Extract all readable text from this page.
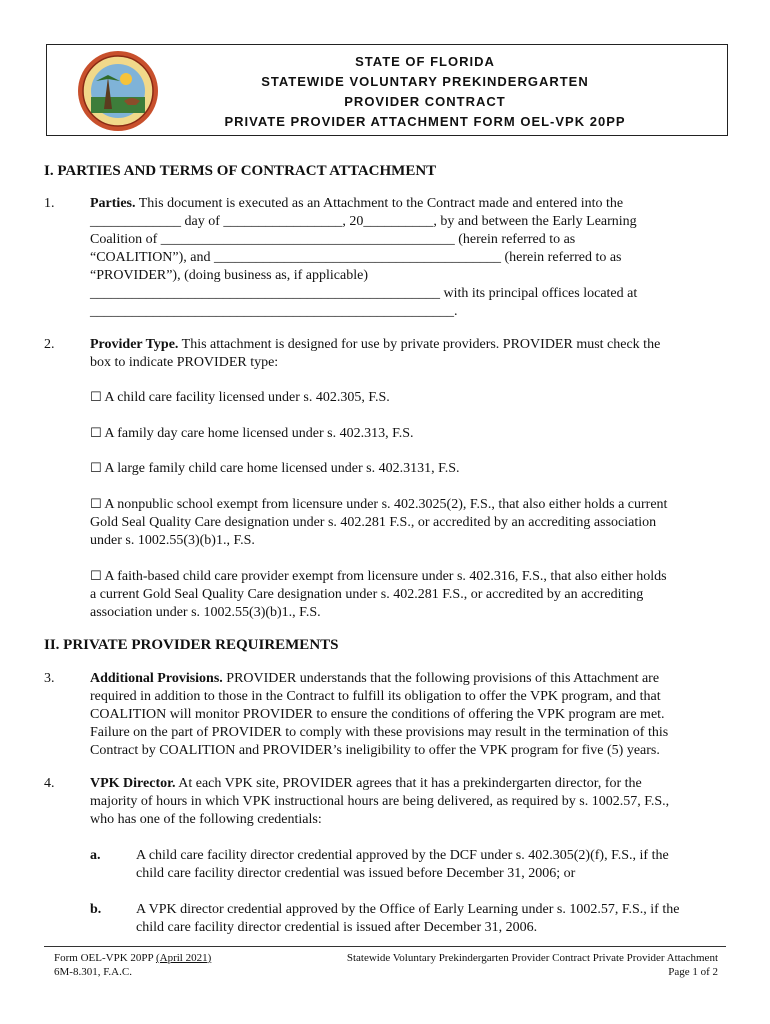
STATE OF FLORIDA
STATEWIDE VOLUNTARY PREKINDERGARTEN
PROVIDER CONTRACT
PRIVATE PROVIDER ATTACHMENT FORM OEL-VPK 20PP
I. PARTIES AND TERMS OF CONTRACT ATTACHMENT
1.	Parties. This document is executed as an Attachment to the Contract made and entered into the
_____________ day of _________________, 20__________, by and between the Early Learning
Coalition of __________________________________________ (herein referred to as
“COALITION”), and _________________________________________ (herein referred to as
“PROVIDER”), (doing business as, if applicable)
__________________________________________________ with its principal offices located at
____________________________________________________.
2.	Provider Type. This attachment is designed for use by private providers. PROVIDER must check the
box to indicate PROVIDER type:
☐ A child care facility licensed under s. 402.305, F.S.
☐ A family day care home licensed under s. 402.313, F.S.
☐ A large family child care home licensed under s. 402.3131, F.S.
☐ A nonpublic school exempt from licensure under s. 402.3025(2), F.S., that also either holds a current
Gold Seal Quality Care designation under s. 402.281 F.S., or accredited by an accrediting association
under s. 1002.55(3)(b)1., F.S.
☐ A faith-based child care provider exempt from licensure under s. 402.316, F.S., that also either holds
a current Gold Seal Quality Care designation under s. 402.281 F.S., or accredited by an accrediting
association under s. 1002.55(3)(b)1., F.S.
II. PRIVATE PROVIDER REQUIREMENTS
3.	Additional Provisions. PROVIDER understands that the following provisions of this Attachment are
required in addition to those in the Contract to fulfill its obligation to offer the VPK program, and that
COALITION will monitor PROVIDER to ensure the conditions of offering the VPK program are met.
Failure on the part of PROVIDER to comply with these provisions may result in the termination of this
Contract by COALITION and PROVIDER’s ineligibility to offer the VPK program for five (5) years.
4.	VPK Director. At each VPK site, PROVIDER agrees that it has a prekindergarten director, for the
majority of hours in which VPK instructional hours are being delivered, as required by s. 1002.57, F.S.,
who has one of the following credentials:
a.	A child care facility director credential approved by the DCF under s. 402.305(2)(f), F.S., if the
child care facility director credential was issued before December 31, 2006; or
b. A VPK director credential approved by the Office of Early Learning under s. 1002.57, F.S., if the
child care facility director credential is issued after December 31, 2006.
Form OEL-VPK 20PP (April 2021)
6M-8.301, F.A.C.
Statewide Voluntary Prekindergarten Provider Contract Private Provider Attachment
Page 1 of 2
